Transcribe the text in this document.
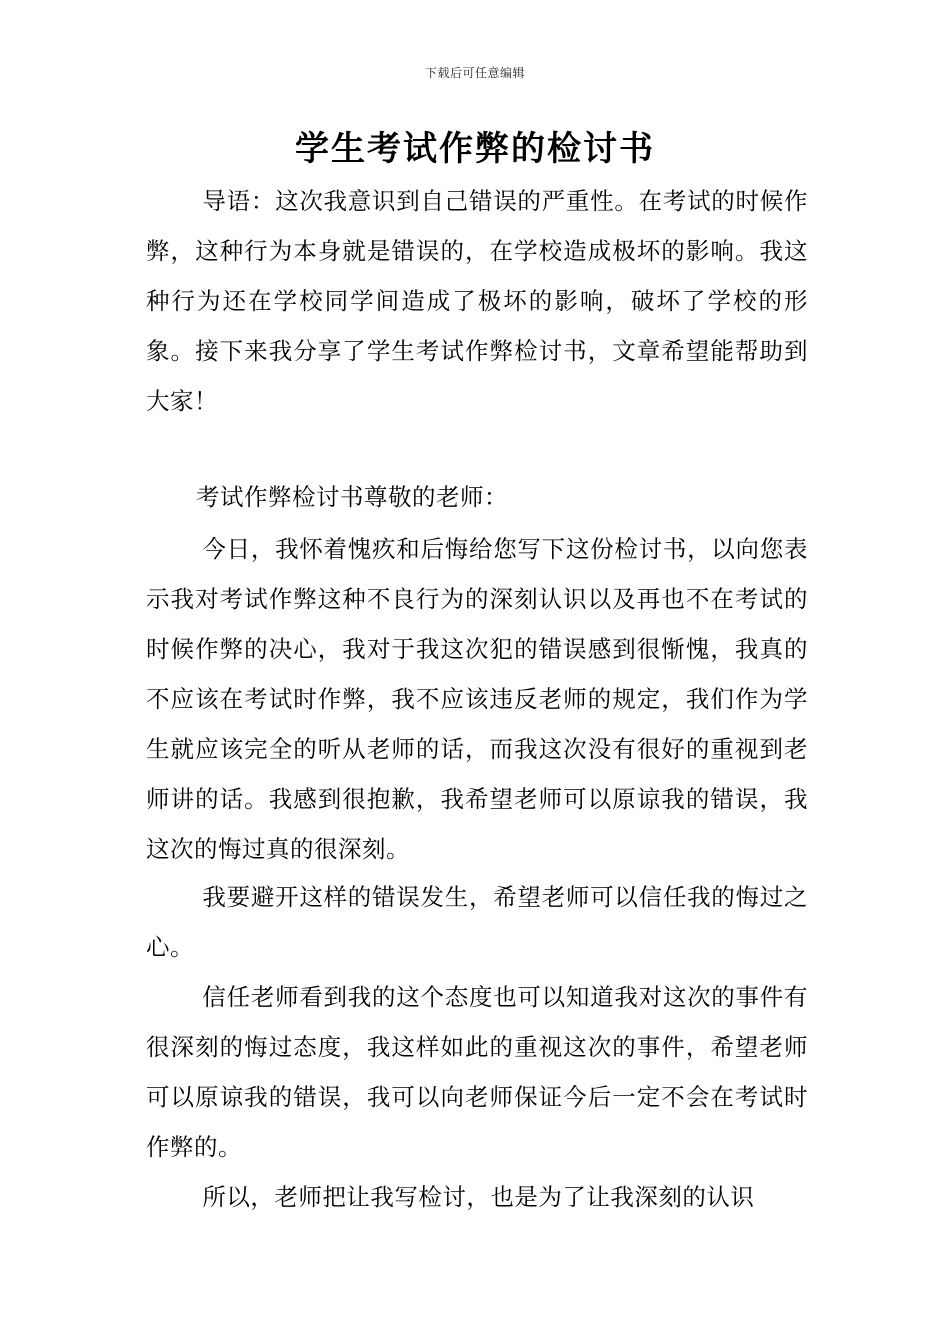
下载后可任意编辑
学生考试作弊的检讨书

导语：这次我意识到自己错误的严重性。在考试的时候作弊，这种行为本身就是错误的，在学校造成极坏的影响。我这种行为还在学校同学间造成了极坏的影响，破坏了学校的形象。接下来我分享了学生考试作弊检讨书，文章希望能帮助到大家！

考试作弊检讨书尊敬的老师：

今日，我怀着愧疚和后悔给您写下这份检讨书，以向您表示我对考试作弊这种不良行为的深刻认识以及再也不在考试的时候作弊的决心，我对于我这次犯的错误感到很惭愧，我真的不应该在考试时作弊，我不应该违反老师的规定，我们作为学生就应该完全的听从老师的话，而我这次没有很好的重视到老师讲的话。我感到很抱歉，我希望老师可以原谅我的错误，我这次的悔过真的很深刻。

我要避开这样的错误发生，希望老师可以信任我的悔过之心。

信任老师看到我的这个态度也可以知道我对这次的事件有很深刻的悔过态度，我这样如此的重视这次的事件，希望老师可以原谅我的错误，我可以向老师保证今后一定不会在考试时作弊的。

所以，老师把让我写检讨，也是为了让我深刻的认识
